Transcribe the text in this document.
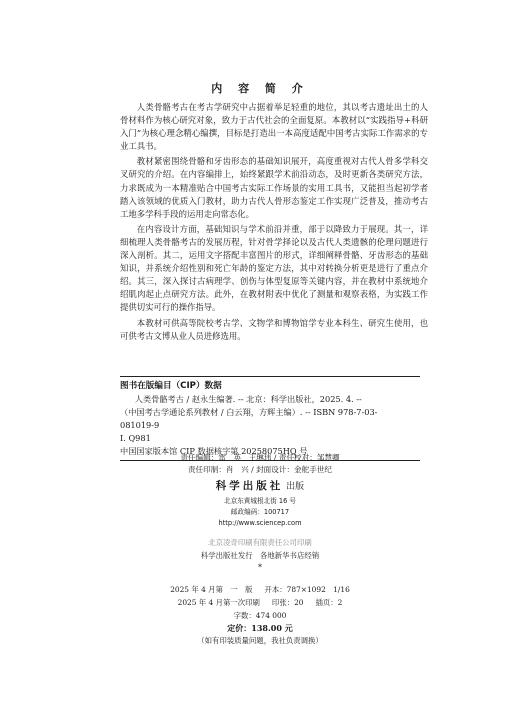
内 容 简 介

人类骨骼考古在考古学研究中占据着举足轻重的地位，其以考古遗址出土的人骨材料作为核心研究对象，致力于古代社会的全面复原。本教材以“实践指导+科研入门”为核心理念精心编撰，目标是打造出一本高度适配中国考古实际工作需求的专业工具书。

教材紧密围绕骨骼和牙齿形态的基础知识展开，高度重视对古代人骨多学科交叉研究的介绍。在内容编排上，始终紧跟学术前沿动态，及时更新各类研究方法，力求既成为一本精准贴合中国考古实际工作场景的实用工具书，又能担当起初学者踏入该领域的优质入门教材，助力古代人骨形态鉴定工作实现广泛普及，推动考古工地多学科手段的运用走向常态化。

在内容设计方面，基础知识与学术前沿并重，部于以降致力于展现。其一，详细梳理人类骨骼考古的发展历程，针对骨学择论以及古代人类遗骸的伦理问题进行深入剖析。其二，运用文字搭配丰富图片的形式，详细阐释骨骼、牙齿形态的基础知识，并系统介绍性别和死亡年龄的鉴定方法，其中对转换分析更是进行了重点介绍。其三，深入探讨古病理学、创伤与体型复原等关键内容，并在教材中系统地介绍肌肉起止点研究方法。此外，在教材附表中优化了测量和观察表格，为实践工作提供切实可行的操作指导。

本教材可供高等院校考古学、文物学和博物馆学专业本科生、研究生使用，也可供考古文博从业人员进修选用。

图书在版编目（CIP）数据
人类骨骼考古 / 赵永生编著. -- 北京：科学出版社，2025. 4. --
（中国考古学通论系列教材 / 白云翔，方辉主编）. -- ISBN 978-7-03-
081019-9
Ⅰ. Q981
中国国家版本馆 CIP 数据核字第 20258075HQ 号
责任编辑：雷　英　王琳玮 / 责任校对：邹慧卿
责任印制：肖　兴 / 封面设计：金舵手世纪
科学出版社 出版
北京东黄城根北街 16 号
邮政编码：100717
http://www.sciencep.com
北京凌奇印刷有限责任公司印刷
科学出版社发行　各地新华书店经销
*
2025 年 4 月第　一　版 开本：787×1092　1/16
2025 年 4 月第一次印刷 印张：20 插页：2
字数：474 000
定价：138.00 元
（如有印装质量问题，我社负责调换）
